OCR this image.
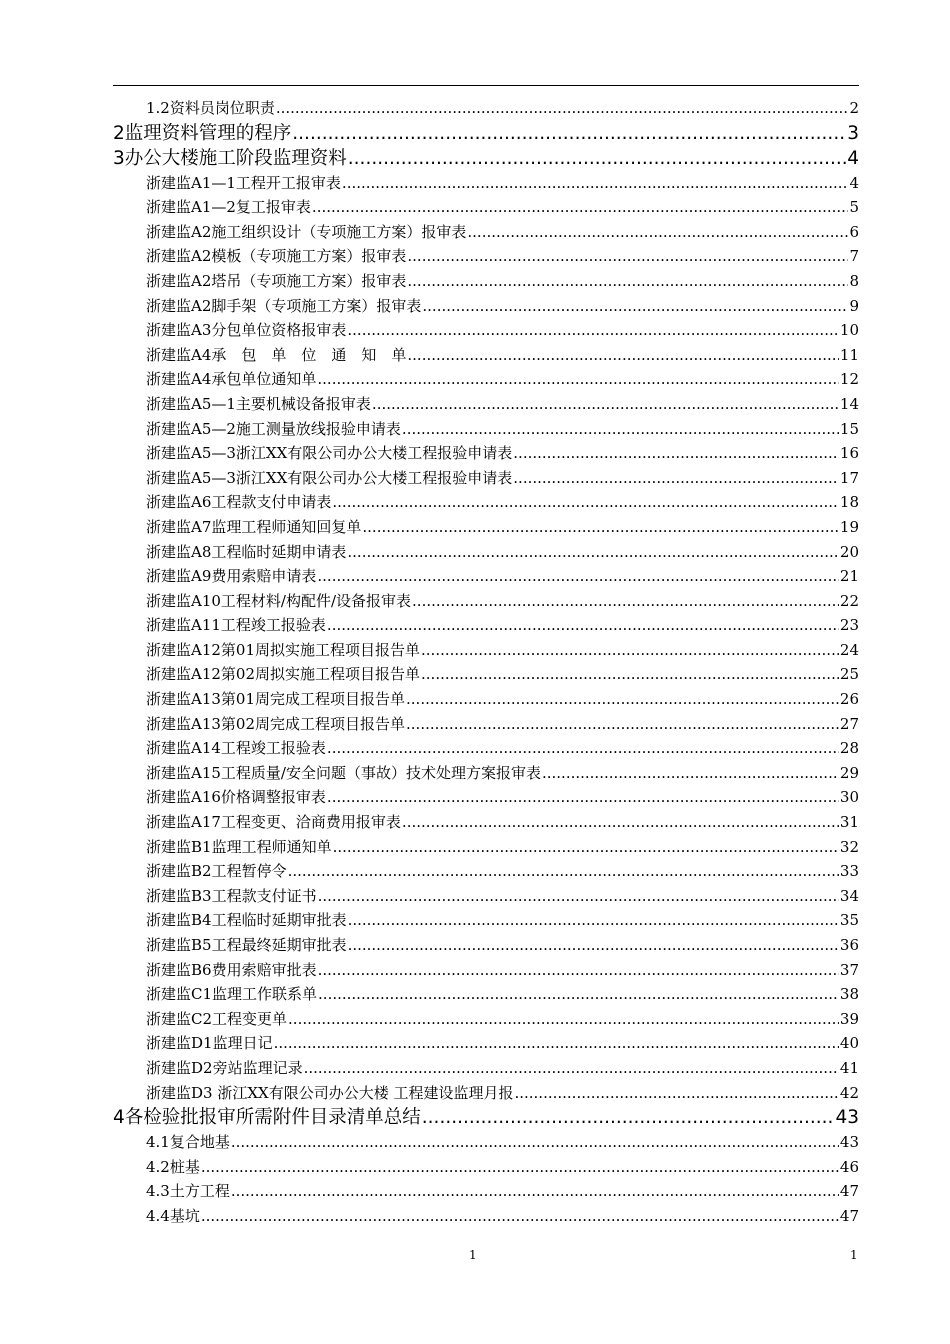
1.2资料员岗位职责 .....	2
2 监理资料管理的程序 .....	3
3 办公大楼施工阶段监理资料 .....	4
浙建监A1—1工程开工报审表 .....	4
浙建监A1—2复工报审表 .....	5
浙建监A2施工组织设计（专项施工方案）报审表 .....	6
浙建监A2模板（专项施工方案）报审表 .....	7
浙建监A2塔吊（专项施工方案）报审表 .....	8
浙建监A2脚手架（专项施工方案）报审表 .....	9
浙建监A3分包单位资格报审表 .....	10
浙建监A4承　包　单　位　通　知　单 .....	11
浙建监A4承包单位通知单 .....	12
浙建监A5—1主要机械设备报审表 .....	14
浙建监A5—2施工测量放线报验申请表 .....	15
浙建监A5—3浙江XX有限公司办公大楼工程报验申请表 .....	16
浙建监A5—3浙江XX有限公司办公大楼工程报验申请表 .....	17
浙建监A6工程款支付申请表 .....	18
浙建监A7监理工程师通知回复单 .....	19
浙建监A8工程临时延期申请表 .....	20
浙建监A9费用索赔申请表 .....	21
浙建监A10工程材料/构配件/设备报审表 .....	22
浙建监A11工程竣工报验表 .....	23
浙建监A12第01周拟实施工程项目报告单 .....	24
浙建监A12第02周拟实施工程项目报告单 .....	25
浙建监A13第01周完成工程项目报告单 .....	26
浙建监A13第02周完成工程项目报告单 .....	27
浙建监A14工程竣工报验表 .....	28
浙建监A15工程质量/安全问题（事故）技术处理方案报审表 .....	29
浙建监A16价格调整报审表 .....	30
浙建监A17工程变更、洽商费用报审表 .....	31
浙建监B1监理工程师通知单 .....	32
浙建监B2工程暂停令 .....	33
浙建监B3工程款支付证书 .....	34
浙建监B4工程临时延期审批表 .....	35
浙建监B5工程最终延期审批表 .....	36
浙建监B6费用索赔审批表 .....	37
浙建监C1监理工作联系单 .....	38
浙建监C2工程变更单 .....	39
浙建监D1监理日记 .....	40
浙建监D2旁站监理记录 .....	41
浙建监D3 浙江XX有限公司办公大楼 工程建设监理月报 .....	42
4 各检验批报审所需附件目录清单总结 .....	43
4.1复合地基 .....	43
4.2桩基 .....	46
4.3土方工程 .....	47
4.4基坑 .....	47
1	1
